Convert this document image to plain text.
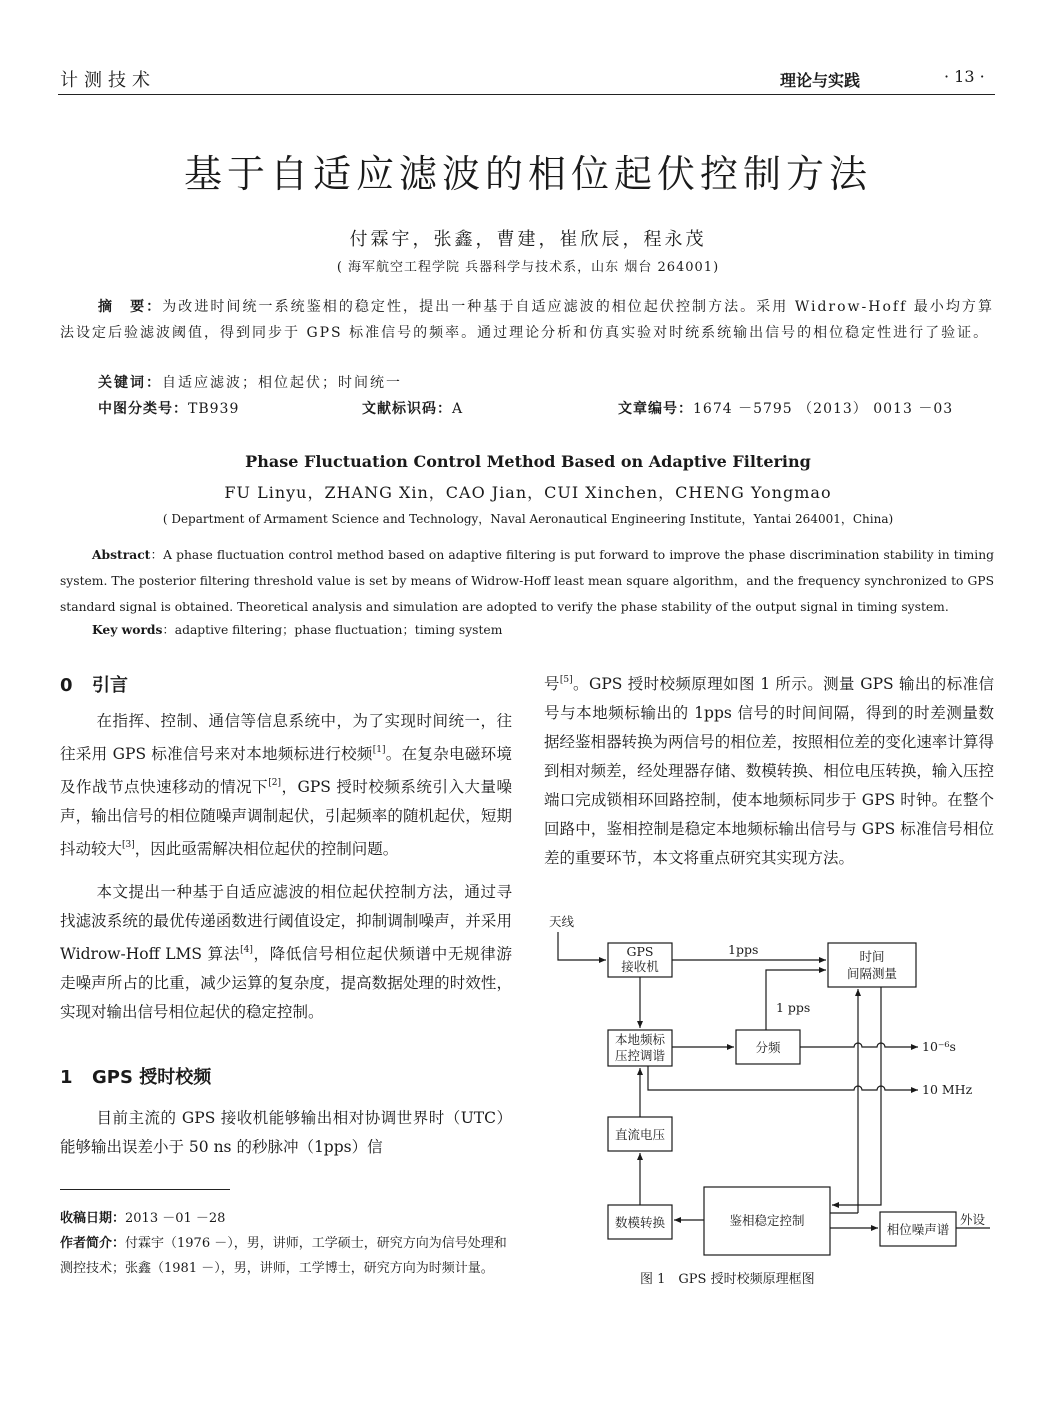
计测技术	理论与实践	· 13 ·
基于自适应滤波的相位起伏控制方法
付霖宇，张鑫，曹建，崔欣辰，程永茂
( 海军航空工程学院 兵器科学与技术系，山东 烟台 264001)
摘　要：为改进时间统一系统鉴相的稳定性，提出一种基于自适应滤波的相位起伏控制方法。采用 Widrow-Hoff 最小均方算法设定后验滤波阈值，得到同步于 GPS 标准信号的频率。通过理论分析和仿真实验对时统系统输出信号的相位稳定性进行了验证。
关键词：自适应滤波；相位起伏；时间统一
中图分类号：TB939	文献标识码：A	文章编号：1674 －5795 （2013） 0013 －03
Phase Fluctuation Control Method Based on Adaptive Filtering
FU Linyu，ZHANG Xin，CAO Jian，CUI Xinchen，CHENG Yongmao
( Department of Armament Science and Technology，Naval Aeronautical Engineering Institute，Yantai 264001，China)
Abstract：A phase fluctuation control method based on adaptive filtering is put forward to improve the phase discrimination stability in timing system. The posterior filtering threshold value is set by means of Widrow-Hoff least mean square algorithm，and the frequency synchronized to GPS standard signal is obtained. Theoretical analysis and simulation are adopted to verify the phase stability of the output signal in timing system.
Key words：adaptive filtering；phase fluctuation；timing system
0 引言
在指挥、控制、通信等信息系统中，为了实现时间统一，往往采用 GPS 标准信号来对本地频标进行校频[1]。在复杂电磁环境及作战节点快速移动的情况下[2]，GPS 授时校频系统引入大量噪声，输出信号的相位随噪声调制起伏，引起频率的随机起伏，短期抖动较大[3]，因此亟需解决相位起伏的控制问题。
本文提出一种基于自适应滤波的相位起伏控制方法，通过寻找滤波系统的最优传递函数进行阈值设定，抑制调制噪声，并采用 Widrow-Hoff LMS 算法[4]，降低信号相位起伏频谱中无规律游走噪声所占的比重，减少运算的复杂度，提高数据处理的时效性，实现对输出信号相位起伏的稳定控制。
1 GPS 授时校频
目前主流的 GPS 接收机能够输出相对协调世界时（UTC）能够输出误差小于 50 ns 的秒脉冲（1pps）信
收稿日期：2013 －01 －28
作者简介：付霖宇（1976 －），男，讲师，工学硕士，研究方向为信号处理和测控技术；张鑫（1981 －），男，讲师，工学博士，研究方向为时频计量。
号[5]。GPS 授时校频原理如图 1 所示。测量 GPS 输出的标准信号与本地频标输出的 1pps 信号的时间间隔，得到的时差测量数据经鉴相器转换为两信号的相位差，按照相位差的变化速率计算得到相对频差，经处理器存储、数模转换、相位电压转换，输入压控端口完成锁相环回路控制，使本地频标同步于 GPS 时钟。在整个回路中，鉴相控制是稳定本地频标输出信号与 GPS 标准信号相位差的重要环节，本文将重点研究其实现方法。
天线
GPS
接收机
时间
间隔测量
本地频标
压控调谐
分频
直流电压
数模转换	鉴相稳定控制
相位噪声谱
外设
1pps
1 pps
10⁻⁶s
10 MHz
图 1　GPS 授时校频原理框图
